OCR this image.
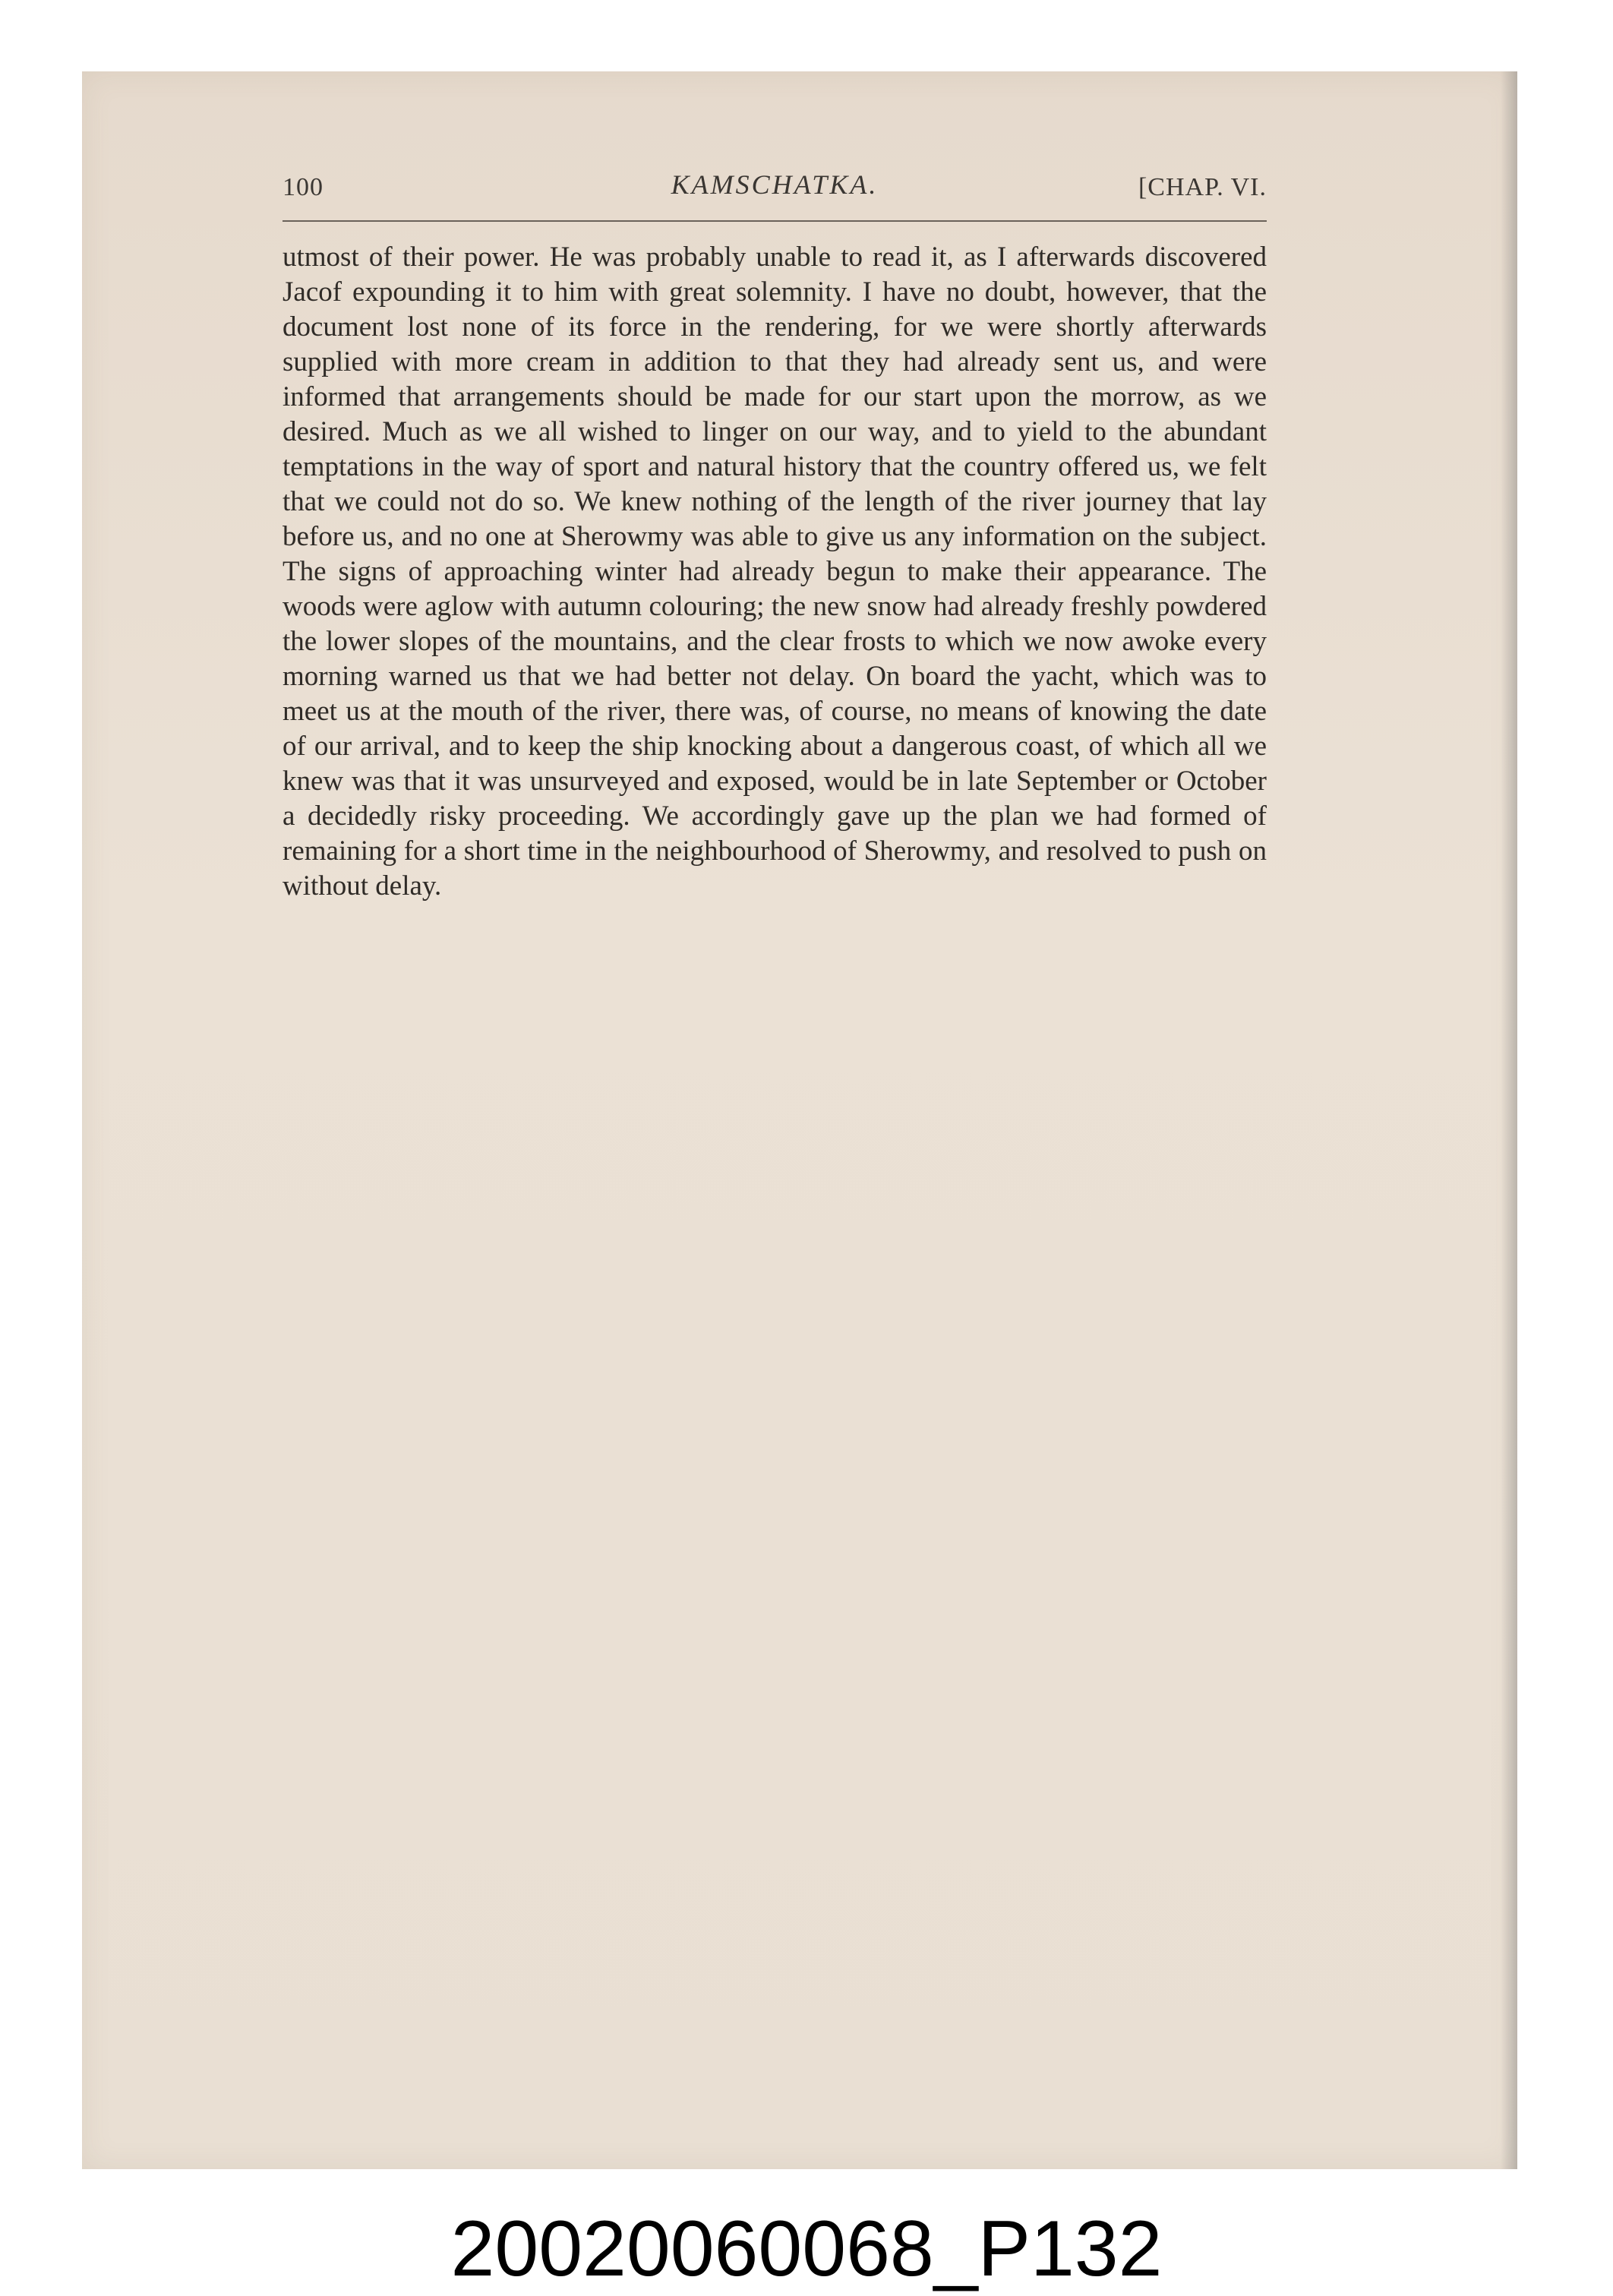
100	KAMSCHATKA.	[CHAP. VI.

utmost of their power. He was probably unable to read it, as I afterwards discovered Jacof expounding it to him with great solemnity. I have no doubt, however, that the document lost none of its force in the rendering, for we were shortly afterwards supplied with more cream in addition to that they had already sent us, and were informed that arrangements should be made for our start upon the morrow, as we desired. Much as we all wished to linger on our way, and to yield to the abundant temptations in the way of sport and natural history that the country offered us, we felt that we could not do so. We knew nothing of the length of the river journey that lay before us, and no one at Sherowmy was able to give us any information on the subject. The signs of approaching winter had already begun to make their appearance. The woods were aglow with autumn colouring; the new snow had already freshly powdered the lower slopes of the mountains, and the clear frosts to which we now awoke every morning warned us that we had better not delay. On board the yacht, which was to meet us at the mouth of the river, there was, of course, no means of knowing the date of our arrival, and to keep the ship knocking about a dangerous coast, of which all we knew was that it was unsurveyed and exposed, would be in late September or October a decidedly risky proceeding. We accordingly gave up the plan we had formed of remaining for a short time in the neighbourhood of Sherowmy, and resolved to push on without delay.

20020060068_P132
